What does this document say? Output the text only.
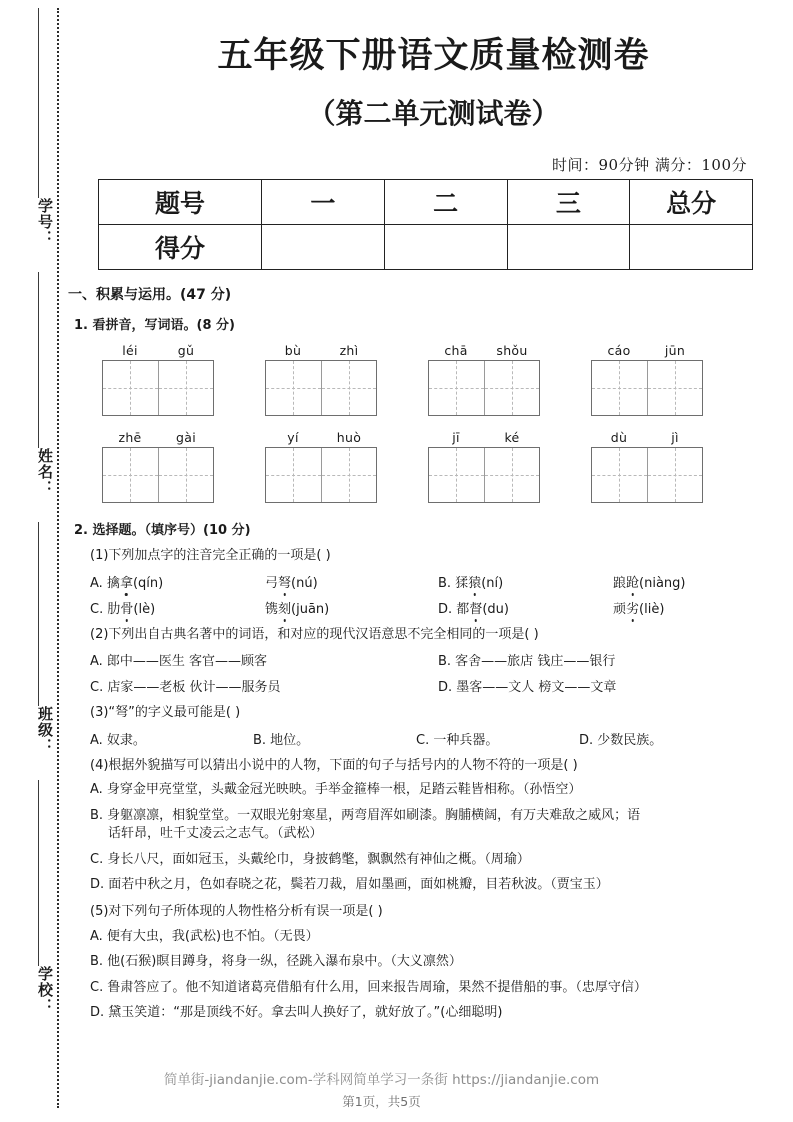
学号：
姓名：
班级：
学校：
五年级下册语文质量检测卷
（第二单元测试卷）
时间：90分钟 满分：100分
题号	一	二	三	总分
得分				
一、积累与运用。(47 分)
1. 看拼音，写词语。(8 分)
léi	gǔ	bù	zhì	chā	shǒu	cáo	jūn
zhē	gài	yí	huò	jī	ké	dù	jì
2. 选择题。（填序号）(10 分)
(1)下列加点字的注音完全正确的一项是( )
A. 擒拿(qín)	弓弩(nú)	B. 猱猿(ní)	踉跄(niàng)
C. 肋骨(lè)	镌刻(juān)	D. 都督(du)	顽劣(liè)
(2)下列出自古典名著中的词语，和对应的现代汉语意思不完全相同的一项是( )
A. 郎中——医生 客官——顾客	B. 客舍——旅店 钱庄——银行
C. 店家——老板 伙计——服务员	D. 墨客——文人 榜文——文章
(3)“弩”的字义最可能是( )
A. 奴隶。	B. 地位。	C. 一种兵器。	D. 少数民族。
(4)根据外貌描写可以猜出小说中的人物，下面的句子与括号内的人物不符的一项是( )
A. 身穿金甲亮堂堂，头戴金冠光映映。手举金箍棒一根，足踏云鞋皆相称。（孙悟空）
B. 身躯凛凛，相貌堂堂。一双眼光射寒星，两弯眉浑如刷漆。胸脯横阔，有万夫难敌之威风；语
话轩昂，吐千丈凌云之志气。（武松）
C. 身长八尺，面如冠玉，头戴纶巾，身披鹤氅，飘飘然有神仙之概。（周瑜）
D. 面若中秋之月，色如春晓之花，鬓若刀裁，眉如墨画，面如桃瓣，目若秋波。（贾宝玉）
(5)对下列句子所体现的人物性格分析有误一项是( )
A. 便有大虫，我(武松)也不怕。（无畏）
B. 他(石猴)瞑目蹲身，将身一纵，径跳入瀑布泉中。（大义凛然）
C. 鲁肃答应了。他不知道诸葛亮借船有什么用，回来报告周瑜，果然不提借船的事。（忠厚守信）
D. 黛玉笑道：“那是顶线不好。拿去叫人换好了，就好放了。”(心细聪明)
简单街-jiandanjie.com-学科网简单学习一条街 https://jiandanjie.com
第1页，共5页
